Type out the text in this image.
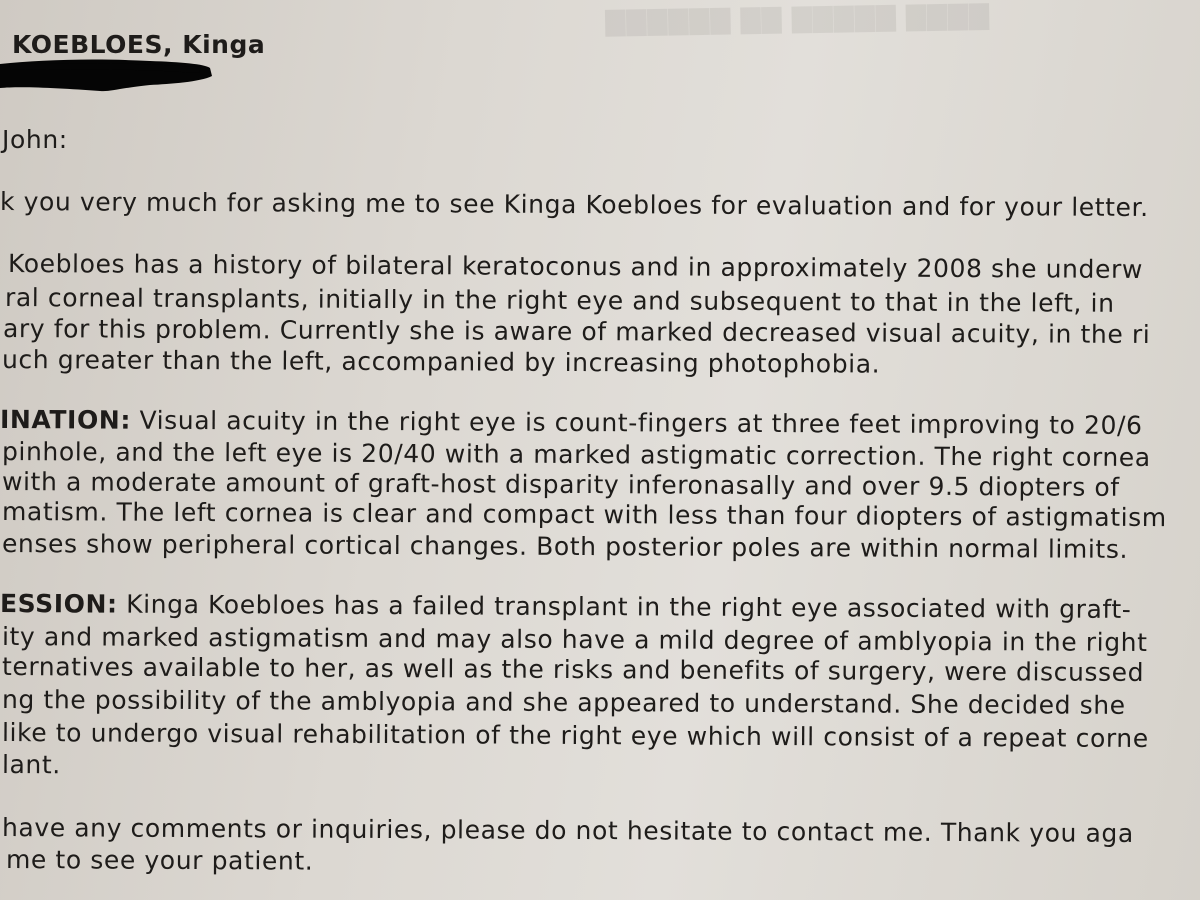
▇▇▇▇ ▇▇▇▇▇ ▇▇ ▇▇▇▇▇▇
KOEBLOES, Kinga
John:
k you very much for asking me to see Kinga Koebloes for evaluation and for your letter.
Koebloes has a history of bilateral keratoconus and in approximately 2008 she underw
ral corneal transplants, initially in the right eye and subsequent to that in the left, in
ary for this problem. Currently she is aware of marked decreased visual acuity, in the ri
uch greater than the left, accompanied by increasing photophobia.
INATION: Visual acuity in the right eye is count-fingers at three feet improving to 20/6
pinhole, and the left eye is 20/40 with a marked astigmatic correction. The right cornea
with a moderate amount of graft-host disparity inferonasally and over 9.5 diopters of
matism. The left cornea is clear and compact with less than four diopters of astigmatism
enses show peripheral cortical changes. Both posterior poles are within normal limits.
ESSION: Kinga Koebloes has a failed transplant in the right eye associated with graft-
ity and marked astigmatism and may also have a mild degree of amblyopia in the right
ternatives available to her, as well as the risks and benefits of surgery, were discussed
ng the possibility of the amblyopia and she appeared to understand. She decided she
like to undergo visual rehabilitation of the right eye which will consist of a repeat corne
lant.
have any comments or inquiries, please do not hesitate to contact me. Thank you aga
me to see your patient.
